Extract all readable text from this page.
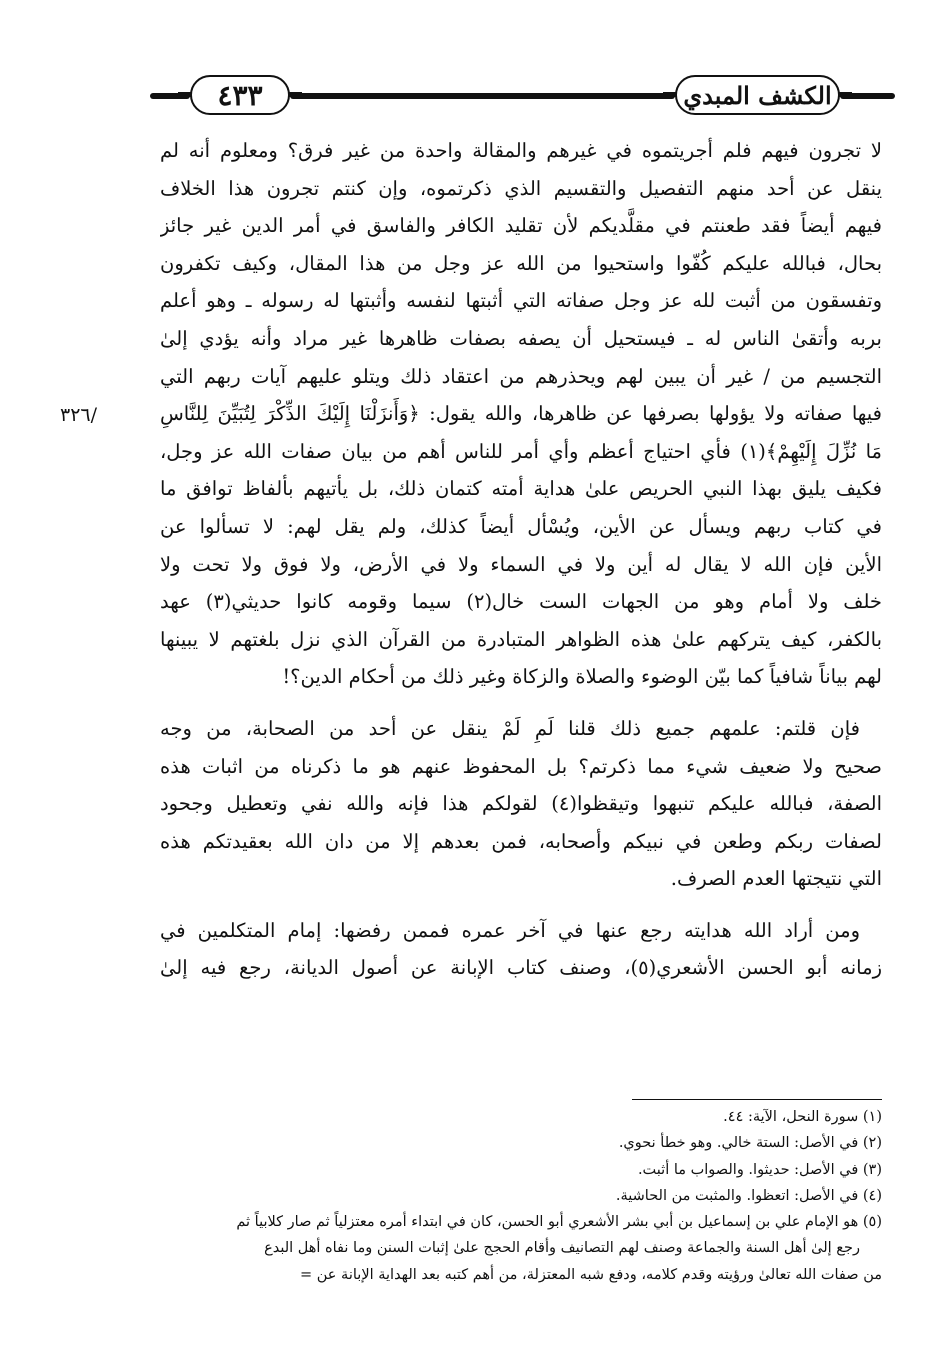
٤٣٣	الكشف المبدي
/٣٢٦
لا تجرون فيهم فلم أجريتموه في غيرهم والمقالة واحدة من غير فرق؟ ومعلوم أنه لم
ينقل عن أحد منهم التفصيل والتقسيم الذي ذكرتموه، وإن كنتم تجرون هذا الخلاف
فيهم أيضاً فقد طعنتم في مقلَّديكم لأن تقليد الكافر والفاسق في أمر الدين غير جائز
بحال، فبالله عليكم كُفّوا واستحيوا من الله عز وجل من هذا المقال، وكيف تكفرون
وتفسقون من أثبت لله عز وجل صفاته التي أثبتها لنفسه وأثبتها له رسوله ـ وهو أعلم
بربه وأتقىٰ الناس له ـ فيستحيل أن يصفه بصفات ظاهرها غير مراد وأنه يؤدي إلىٰ
التجسيم من / غير أن يبين لهم ويحذرهم من اعتقاد ذلك ويتلو عليهم آيات ربهم التي
فيها صفاته ولا يؤولها بصرفها عن ظاهرها، والله يقول: ﴿وَأَنزَلْنَا إِلَيْكَ الذِّكْرَ لِتُبَيِّنَ لِلنَّاسِ
مَا نُزِّلَ إِلَيْهِمْ﴾(١) فأي احتياج أعظم وأي أمر للناس أهم من بيان صفات الله عز وجل،
فكيف يليق بهذا النبي الحريص علىٰ هداية أمته كتمان ذلك، بل يأتيهم بألفاظ توافق ما
في كتاب ربهم ويسأل عن الأين، ويُسْأل أيضاً كذلك، ولم يقل لهم: لا تسألوا عن
الأين فإن الله لا يقال له أين ولا في السماء ولا في الأرض، ولا فوق ولا تحت ولا
خلف ولا أمام وهو من الجهات الست خال(٢) سيما وقومه كانوا حديثي(٣) عهد
بالكفر، كيف يتركهم علىٰ هذه الظواهر المتبادرة من القرآن الذي نزل بلغتهم لا يبينها
لهم بياناً شافياً كما بيّن الوضوء والصلاة والزكاة وغير ذلك من أحكام الدين؟!
فإن قلتم: علمهم جميع ذلك قلنا لَمِ لَمْ ينقل عن أحد من الصحابة، من وجه
صحيح ولا ضعيف شيء مما ذكرتم؟ بل المحفوظ عنهم هو ما ذكرناه من اثبات هذه
الصفة، فبالله عليكم تنبهوا وتيقظوا(٤) لقولكم هذا فإنه والله نفي وتعطيل وجحود
لصفات ربكم وطعن في نبيكم وأصحابه، فمن بعدهم إلا من دان الله بعقيدتكم هذه
التي نتيجتها العدم الصرف.
ومن أراد الله هدايته رجع عنها في آخر عمره فممن رفضها: إمام المتكلمين في
زمانه أبو الحسن الأشعري(٥)، وصنف كتاب الإبانة عن أصول الديانة، رجع فيه إلىٰ
(١) سورة النحل، الآية: ٤٤.
(٢) في الأصل: الستة خالي. وهو خطأ نحوي.
(٣) في الأصل: حديثوا. والصواب ما أثبت.
(٤) في الأصل: اتعظوا. والمثبت من الحاشية.
(٥) هو الإمام علي بن إسماعيل بن أبي بشر الأشعري أبو الحسن، كان في ابتداء أمره معتزلياً ثم صار كلابياً ثم
رجع إلىٰ أهل السنة والجماعة وصنف لهم التصانيف وأقام الحجج علىٰ إثبات السنن وما نفاه أهل البدع
من صفات الله تعالىٰ ورؤيته وقدم كلامه، ودفع شبه المعتزلة، من أهم كتبه بعد الهداية الإبانة عن =
